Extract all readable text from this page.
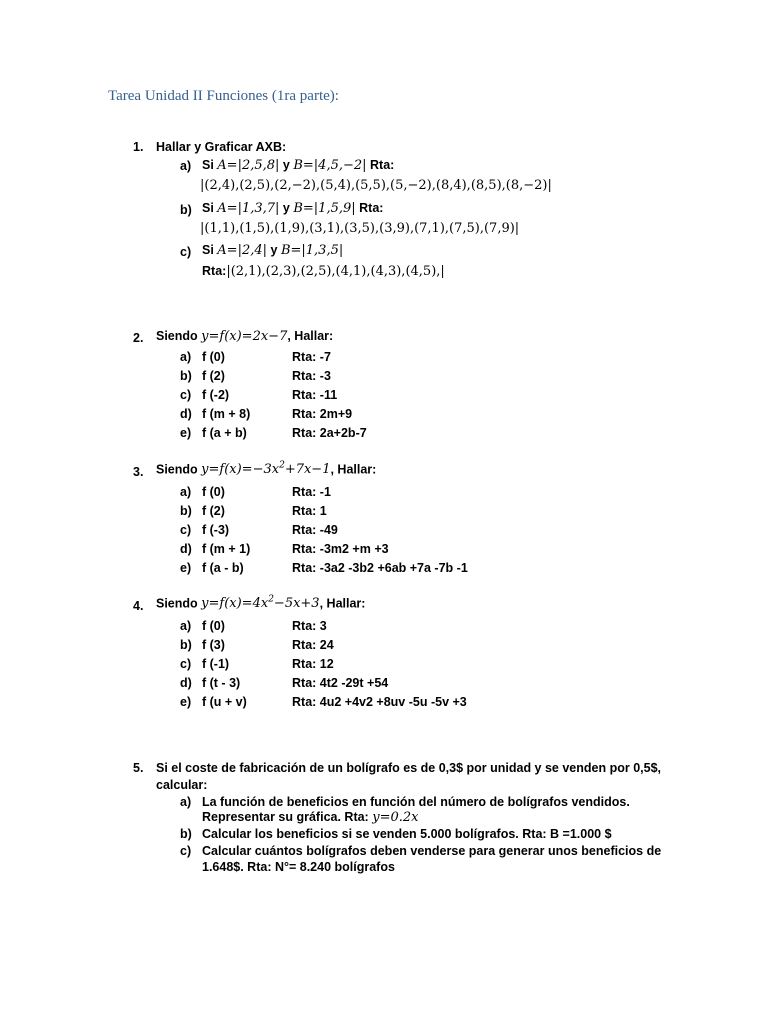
Tarea Unidad II Funciones (1ra parte):
1. Hallar y Graficar AXB:
a) Si A=|2,5,8| y B=|4,5,−2| Rta:
|(2,4),(2,5),(2,−2),(5,4),(5,5),(5,−2),(8,4),(8,5),(8,−2)|
b) Si A=|1,3,7| y B=|1,5,9| Rta:
|(1,1),(1,5),(1,9),(3,1),(3,5),(3,9),(7,1),(7,5),(7,9)|
c) Si A=|2,4| y B=|1,3,5|
Rta:|(2,1),(2,3),(2,5),(4,1),(4,3),(4,5),|
2. Siendo y=f(x)=2x−7, Hallar:
a) f (0)	Rta: -7
b) f (2)	Rta: -3
c) f (-2)	Rta: -11
d) f (m + 8)	Rta: 2m+9
e) f (a + b)	Rta: 2a+2b-7
3. Siendo $y=f(x)=-3x^2+7x-1$, Hallar:
a) f (0)	Rta: -1
b) f (2)	Rta: 1
c) f (-3)	Rta: -49
d) f (m + 1)	Rta: -3m2 +m +3
e) f (a - b)	Rta: -3a2 -3b2 +6ab +7a -7b -1
4. Siendo $y=f(x)=4x^2-5x+3$, Hallar:
a) f (0)	Rta: 3
b) f (3)	Rta: 24
c) f (-1)	Rta: 12
d) f (t - 3)	Rta: 4t2 -29t +54
e) f (u + v)	Rta: 4u2 +4v2 +8uv -5u -5v +3
5. Si el coste de fabricación de un bolígrafo es de 0,3$ por unidad y se venden por 0,5$,
calcular:
a) La función de beneficios en función del número de bolígrafos vendidos.
Representar su gráfica. Rta: y=0.2x
b) Calcular los beneficios si se venden 5.000 bolígrafos. Rta: B =1.000 $
c) Calcular cuántos bolígrafos deben venderse para generar unos beneficios de
1.648$. Rta: N°= 8.240 bolígrafos
